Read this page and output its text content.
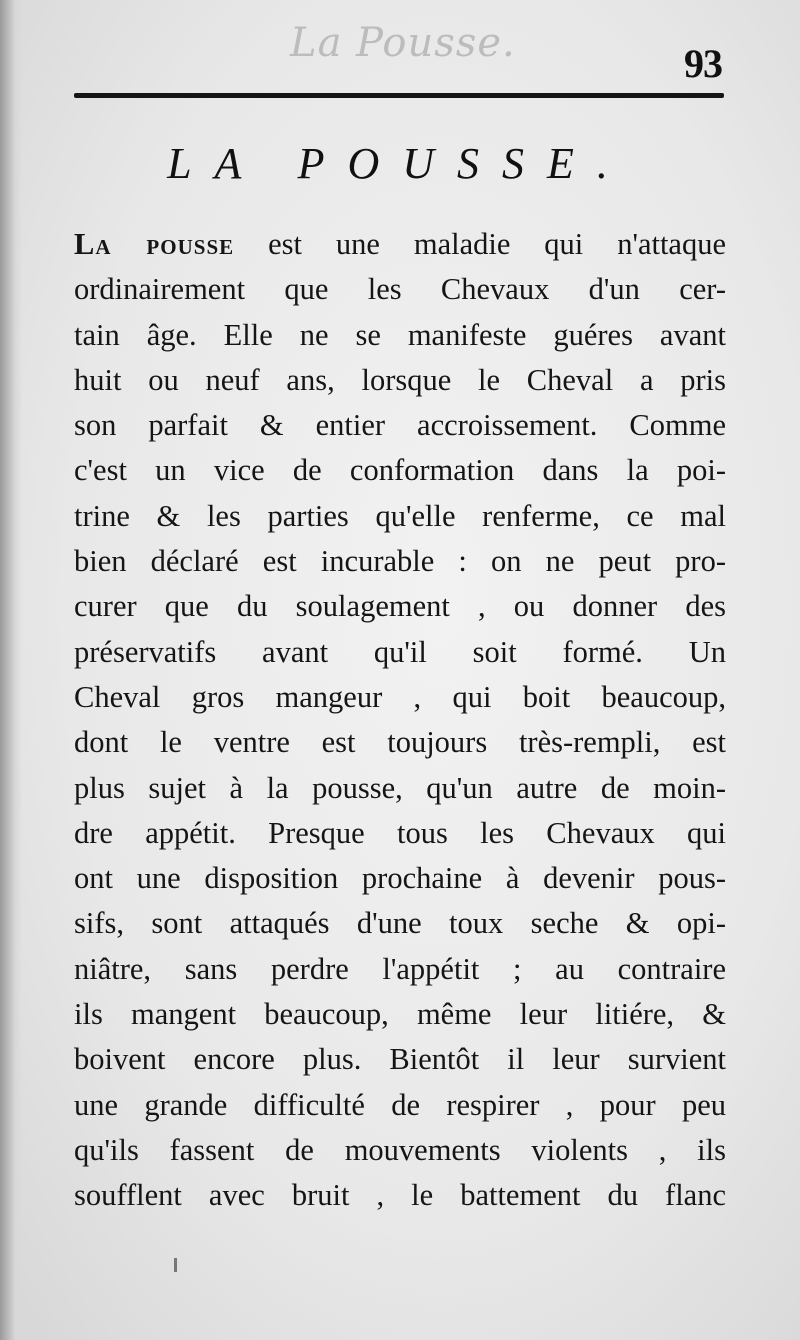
La Pousse.	93
LA POUSSE.
La pousse est une maladie qui n'attaque
ordinairement que les Chevaux d'un cer-
tain âge. Elle ne se manifeste guéres avant
huit ou neuf ans, lorsque le Cheval a pris
son parfait & entier accroissement. Comme
c'est un vice de conformation dans la poi-
trine & les parties qu'elle renferme, ce mal
bien déclaré est incurable : on ne peut pro-
curer que du soulagement , ou donner des
préservatifs avant qu'il soit formé. Un
Cheval gros mangeur , qui boit beaucoup,
dont le ventre est toujours très-rempli, est
plus sujet à la pousse, qu'un autre de moin-
dre appétit. Presque tous les Chevaux qui
ont une disposition prochaine à devenir pous-
sifs, sont attaqués d'une toux seche & opi-
niâtre, sans perdre l'appétit ; au contraire
ils mangent beaucoup, même leur litiére, &
boivent encore plus. Bientôt il leur survient
une grande difficulté de respirer , pour peu
qu'ils fassent de mouvements violents , ils
soufflent avec bruit , le battement du flanc
